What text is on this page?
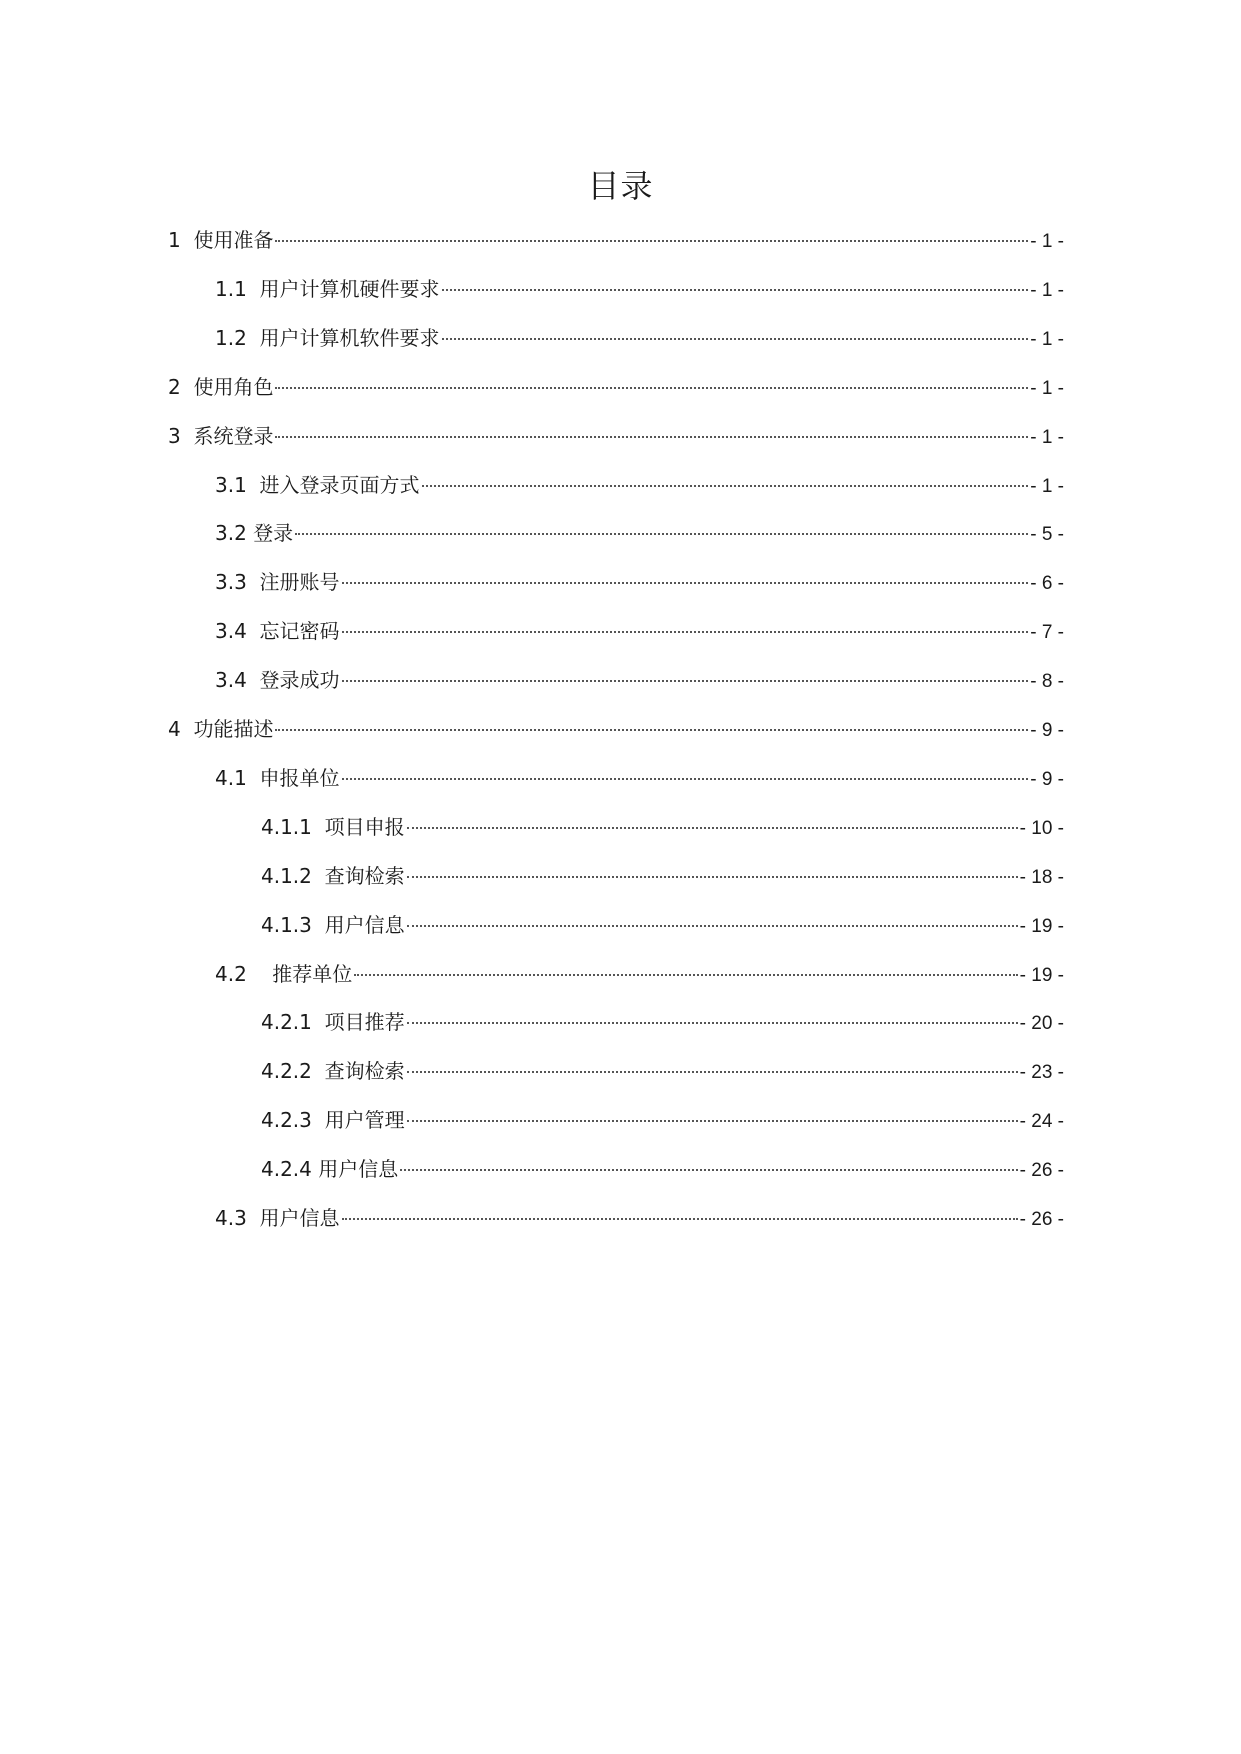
目录
1  使用准备	- 1 -
1.1  用户计算机硬件要求	- 1 -
1.2  用户计算机软件要求	- 1 -
2  使用角色	- 1 -
3  系统登录	- 1 -
3.1  进入登录页面方式	- 1 -
3.2 登录	- 5 -
3.3  注册账号	- 6 -
3.4  忘记密码	- 7 -
3.4  登录成功	- 8 -
4  功能描述	- 9 -
4.1  申报单位	- 9 -
4.1.1  项目申报	- 10 -
4.1.2  查询检索	- 18 -
4.1.3  用户信息	- 19 -
4.2    推荐单位	- 19 -
4.2.1  项目推荐	- 20 -
4.2.2  查询检索	- 23 -
4.2.3  用户管理	- 24 -
4.2.4 用户信息	- 26 -
4.3  用户信息	- 26 -
